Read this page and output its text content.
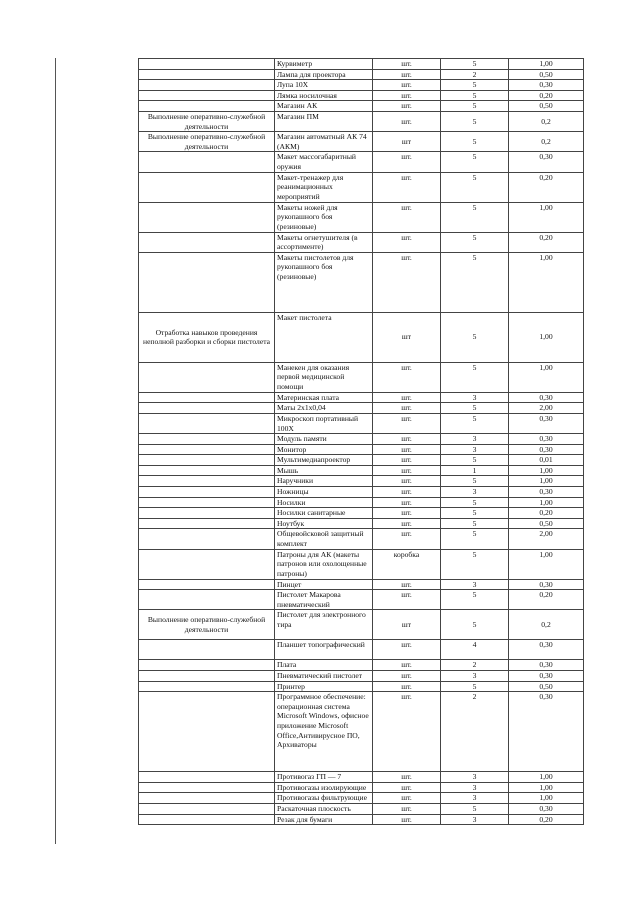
	Курвиметр	шт.	5	1,00
	Лампа для проектора	шт.	2	0,50
	Лупа 10Х	шт.	5	0,30
	Лямка носилочная	шт.	5	0,20
	Магазин АК	шт.	5	0,50
Выполнение оперативно-служебной деятельности	Магазин ПМ	шт.	5	0,2
Выполнение оперативно-служебной деятельности	Магазин автоматный АК 74 (АКМ)	шт	5	0,2
	Макет массогабаритный оружия	шт.	5	0,30
	Макет-тренажер для реанимационных мероприятий	шт.	5	0,20
	Макеты ножей для рукопашного боя (резиновые)	шт.	5	1,00
	Макеты огнетушителя (в ассортименте)	шт.	5	0,20
	Макеты пистолетов для рукопашного боя (резиновые)	шт.	5	1,00
Отработка навыков проведения неполной разборки и сборки пистолета	Макет пистолета	шт	5	1,00
	Манекен для оказания первой медицинской помощи	шт.	5	1,00
	Материнская плата	шт.	3	0,30
	Маты 2х1х0,04	шт.	5	2,00
	Микроскоп портативный 100Х	шт.	5	0,30
	Модуль памяти	шт.	3	0,30
	Монитор	шт.	3	0,30
	Мультимедиапроектор	шт.	5	0,01
	Мышь	шт.	1	1,00
	Наручники	шт.	5	1,00
	Ножницы	шт.	3	0,30
	Носилки	шт.	5	1,00
	Носилки санитарные	шт.	5	0,20
	Ноутбук	шт.	5	0,50
	Общевойсковой защитный комплект	шт.	5	2,00
	Патроны для АК (макеты патронов или охолощенные патроны)	коробка	5	1,00
	Пинцет	шт.	3	0,30
	Пистолет Макарова пневматический	шт.	5	0,20
Выполнение оперативно-служебной деятельности	Пистолет для электронного тира	шт	5	0,2
	Планшет топографический	шт.	4	0,30
	Плата	шт.	2	0,30
	Пневматический пистолет	шт.	3	0,30
	Принтер	шт.	5	0,50
	Программное обеспечение: операционная система Microsoft Windows, офисное приложение Microsoft Office,Антивирусное ПО, Архиваторы	шт.	2	0,30
	Противогаз ГП — 7	шт.	3	1,00
	Противогазы изолирующие	шт.	3	1,00
	Противогазы фильтрующие	шт.	3	1,00
	Раскаточная плоскость	шт.	5	0,30
	Резак для бумаги	шт.	3	0,20
